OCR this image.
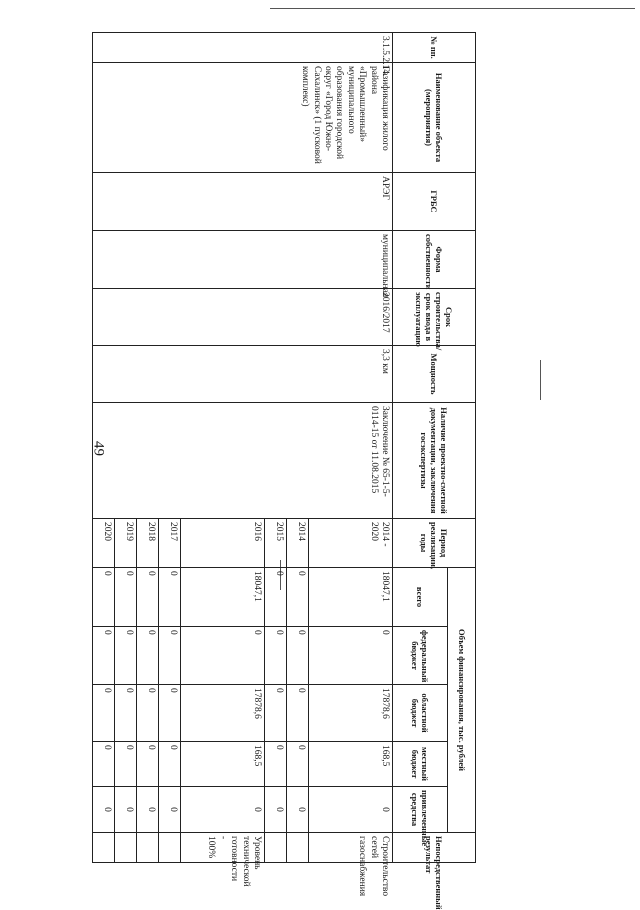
49
№ пп.	Наименование объекта (мероприятия)	ГРБС	Форма собственности	Срок строительства/срок ввода в эксплуатацию	Мощность	Наличие проектно-сметной документации, заключения госэкспертизы	Период реализации, годы	Объем финансирования, тыс. рублей					Непосредственный результат
								всего	федеральный бюджет	областной бюджет	местный бюджет	привлеченные средства	
3.1.5.2.14.	Газификация жилого района «Промышленный» муниципального образования городской округ «Город Южно-Сахалинск» (1 пусковой комплекс)	АРЭГ	муниципальная	2016/2017	3,3 км	Заключение № 65-1-5-0114-15 от 11.08.2015	2014 - 2020	18047,1	0	17878,6	168,5	0	Строительство сетей газоснабжения
							2014	0	0	0	0	0	
							2015	0	0	0	0	0	
							2016	18047,1	0	17878,6	168,5	0	Уровень технической готовности - 100%
							2017	0	0	0	0	0	
							2018	0	0	0	0	0	
							2019	0	0	0	0	0	
							2020	0	0	0	0	0	
